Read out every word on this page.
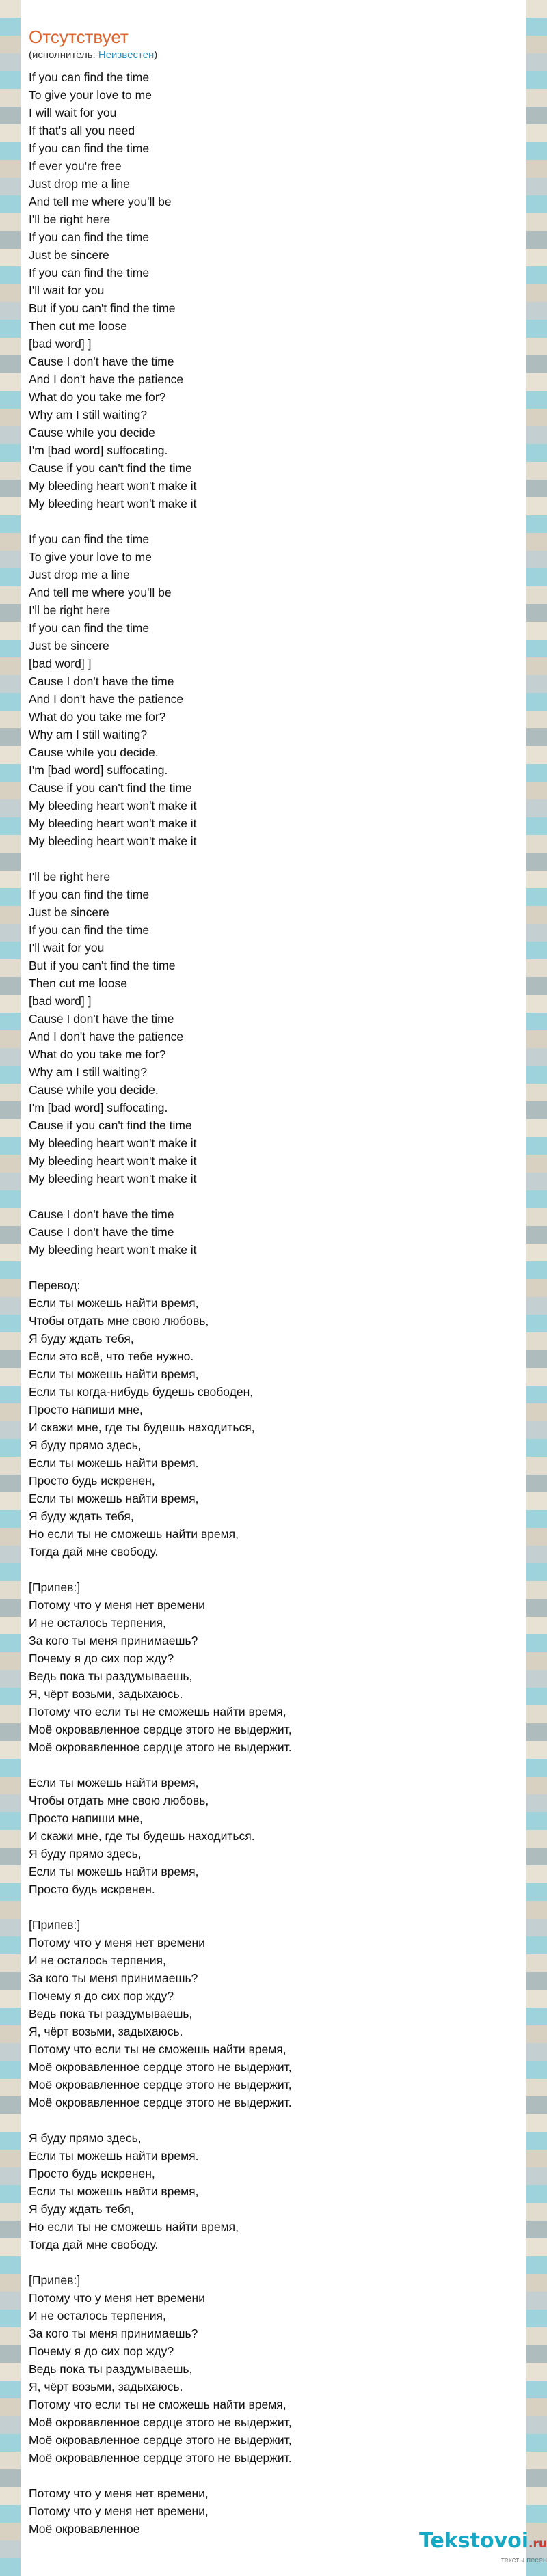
Отсутствует

(исполнитель: Неизвестен)

If you can find the time
To give your love to me
I will wait for you
If that's all you need
If you can find the time
If ever you're free
Just drop me a line
And tell me where you'll be
I'll be right here
If you can find the time
Just be sincere
If you can find the time
I'll wait for you
But if you can't find the time
Then cut me loose
[bad word] ]
Cause I don't have the time
And I don't have the patience
What do you take me for?
Why am I still waiting?
Cause while you decide
I'm [bad word] suffocating.
Cause if you can't find the time
My bleeding heart won't make it
My bleeding heart won't make it
If you can find the time
To give your love to me
Just drop me a line
And tell me where you'll be
I'll be right here
If you can find the time
Just be sincere
[bad word] ]
Cause I don't have the time
And I don't have the patience
What do you take me for?
Why am I still waiting?
Cause while you decide.
I'm [bad word] suffocating.
Cause if you can't find the time
My bleeding heart won't make it
My bleeding heart won't make it
My bleeding heart won't make it
I'll be right here
If you can find the time
Just be sincere
If you can find the time
I'll wait for you
But if you can't find the time
Then cut me loose
[bad word] ]
Cause I don't have the time
And I don't have the patience
What do you take me for?
Why am I still waiting?
Cause while you decide.
I'm [bad word] suffocating.
Cause if you can't find the time
My bleeding heart won't make it
My bleeding heart won't make it
My bleeding heart won't make it
Cause I don't have the time
Cause I don't have the time
My bleeding heart won't make it
Перевод:
Если ты можешь найти время,
Чтобы отдать мне свою любовь,
Я буду ждать тебя,
Если это всё, что тебе нужно.
Если ты можешь найти время,
Если ты когда-нибудь будешь свободен,
Просто напиши мне,
И скажи мне, где ты будешь находиться,
Я буду прямо здесь,
Если ты можешь найти время.
Просто будь искренен,
Если ты можешь найти время,
Я буду ждать тебя,
Но если ты не сможешь найти время,
Тогда дай мне свободу.
[Припев:]
Потому что у меня нет времени
И не осталось терпения,
За кого ты меня принимаешь?
Почему я до сих пор жду?
Ведь пока ты раздумываешь,
Я, чёрт возьми, задыхаюсь.
Потому что если ты не сможешь найти время,
Моё окровавленное сердце этого не выдержит,
Моё окровавленное сердце этого не выдержит.
Если ты можешь найти время,
Чтобы отдать мне свою любовь,
Просто напиши мне,
И скажи мне, где ты будешь находиться.
Я буду прямо здесь,
Если ты можешь найти время,
Просто будь искренен.
[Припев:]
Потому что у меня нет времени
И не осталось терпения,
За кого ты меня принимаешь?
Почему я до сих пор жду?
Ведь пока ты раздумываешь,
Я, чёрт возьми, задыхаюсь.
Потому что если ты не сможешь найти время,
Моё окровавленное сердце этого не выдержит,
Моё окровавленное сердце этого не выдержит,
Моё окровавленное сердце этого не выдержит.
Я буду прямо здесь,
Если ты можешь найти время.
Просто будь искренен,
Если ты можешь найти время,
Я буду ждать тебя,
Но если ты не сможешь найти время,
Тогда дай мне свободу.
[Припев:]
Потому что у меня нет времени
И не осталось терпения,
За кого ты меня принимаешь?
Почему я до сих пор жду?
Ведь пока ты раздумываешь,
Я, чёрт возьми, задыхаюсь.
Потому что если ты не сможешь найти время,
Моё окровавленное сердце этого не выдержит,
Моё окровавленное сердце этого не выдержит,
Моё окровавленное сердце этого не выдержит.
Потому что у меня нет времени,
Потому что у меня нет времени,
Моё окровавленное	Tekstovoi.ru
тексты песен
